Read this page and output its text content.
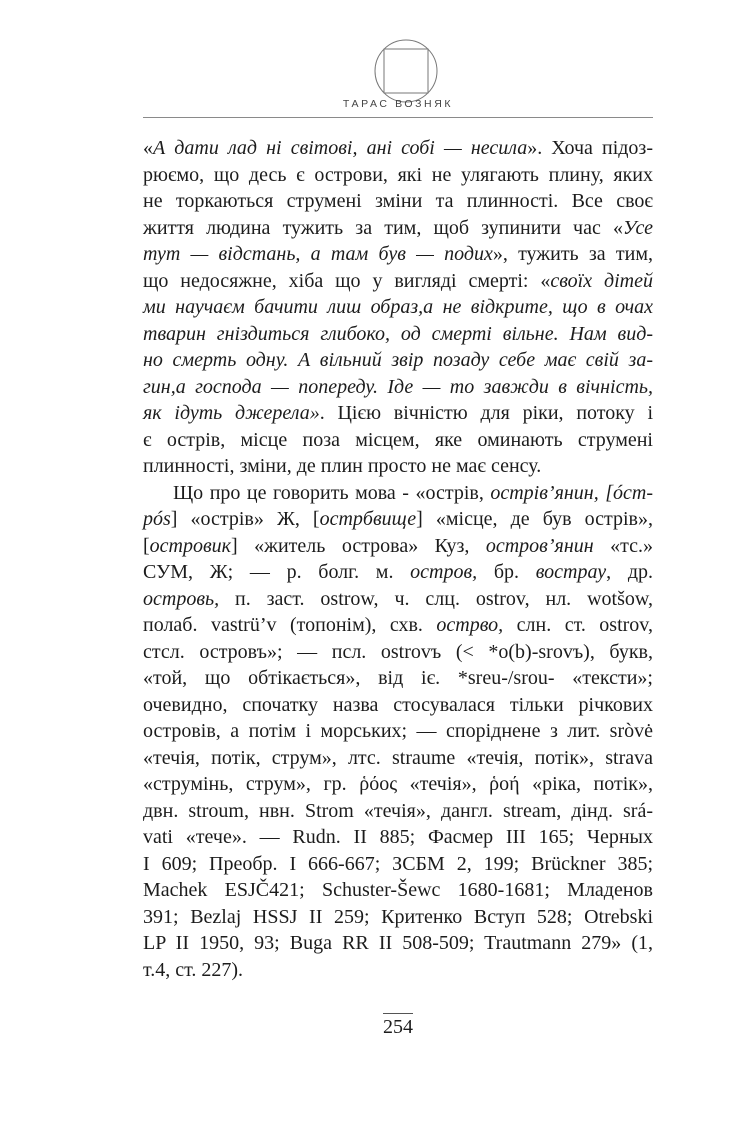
ТАРАС ВОЗНЯК

«А дати лад ні світові, ані собі — несила». Хоча підоз-
рюємо, що десь є острови, які не улягають плину, яких
не торкаються струмені зміни та плинності. Все своє
життя людина тужить за тим, щоб зупинити час «Усе
тут — відстань, а там був — подих», тужить за тим,
що недосяжне, хіба що у вигляді смерті: «своїх дітей
ми научаєм бачити лиш образ,а не відкрите, що в очах
тварин гніздиться глибоко, од смерті вільне. Нам вид-
но смерть одну. А вільний звір позаду себе має свій за-
гин,а господа — попереду. Іде — то завжди в вічність,
як ідуть джерела». Цією вічністю для ріки, потоку і
є острів, місце поза місцем, яке оминають струмені
плинності, зміни, де плин просто не має сенсу.

Що про це говорить мова - «острів, острів’янин, [óст-
рós] «острів» Ж, [острбвище] «місце, де був острів»,
[островик] «житель острова» Куз, остров’янин «тс.»
СУМ, Ж; — р. болг. м. остров, бр. востpау, др.
островь, п. заст. ostrow, ч. слц. ostrov, нл. wotšow,
полаб. vastrü’v (топонім), схв. острво, слн. ст. ostrov,
стсл. островъ»; — псл. ostrovъ (< *o(b)-srovъ), букв,
«той, що обтікається», від іє. *sreu-/srou- «тексти»;
очевидно, спочатку назва стосувалася тільки річкових
островів, а потім і морських; — споріднене з лит. sròvė
«течія, потік, струм», лтс. straume «течія, потік», strava
«струмінь, струм», гр. ῥόος «течія», ῥοή «ріка, потік»,
двн. stroum, нвн. Strom «течія», дангл. stream, дінд. srá-
vati «тече». — Rudn. II 885; Фасмер III 165; Черных
I 609; Преобр. I 666-667; ЗСБМ 2, 199; Brückner 385;
Machek ESJČ421; Schuster-Šewc 1680-1681; Младенов
391; Bezlaj HSSJ II 259; Критенко Вступ 528; Otrebski
LP II 1950, 93; Buga RR II 508-509; Trautmann 279» (1,
т.4, ст. 227).

254
